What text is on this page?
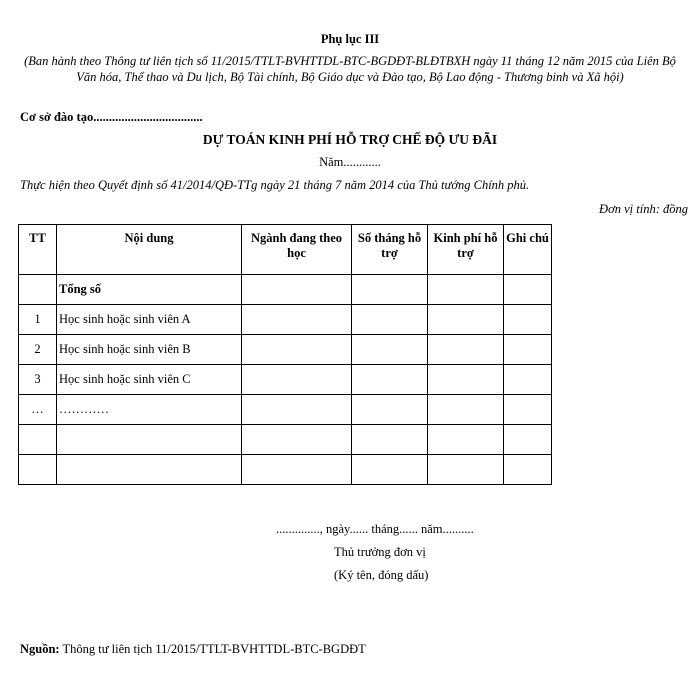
Phụ lục III
(Ban hành theo Thông tư liên tịch số 11/2015/TTLT-BVHTTDL-BTC-BGDĐT-BLĐTBXH ngày 11 tháng 12 năm 2015 của Liên Bộ Văn hóa, Thể thao và Du lịch, Bộ Tài chính, Bộ Giáo dục và Đào tạo, Bộ Lao động - Thương binh và Xã hội)
Cơ sở đào tạo...................................
DỰ TOÁN KINH PHÍ HỖ TRỢ CHẾ ĐỘ ƯU ĐÃI
Năm............
Thực hiện theo Quyết định số 41/2014/QĐ-TTg ngày 21 tháng 7 năm 2014 của Thủ tướng Chính phủ.
Đơn vị tính: đồng
TT	Nội dung	Ngành đang theo học	Số tháng hỗ trợ	Kinh phí hỗ trợ	Ghi chú
	Tổng số				
1	Học sinh hoặc sinh viên A				
2	Học sinh hoặc sinh viên B				
3	Học sinh hoặc sinh viên C				
…	…………				

.............., ngày...... tháng...... năm..........
Thủ trưởng đơn vị
(Ký tên, đóng dấu)
Nguồn: Thông tư liên tịch 11/2015/TTLT-BVHTTDL-BTC-BGDĐT
